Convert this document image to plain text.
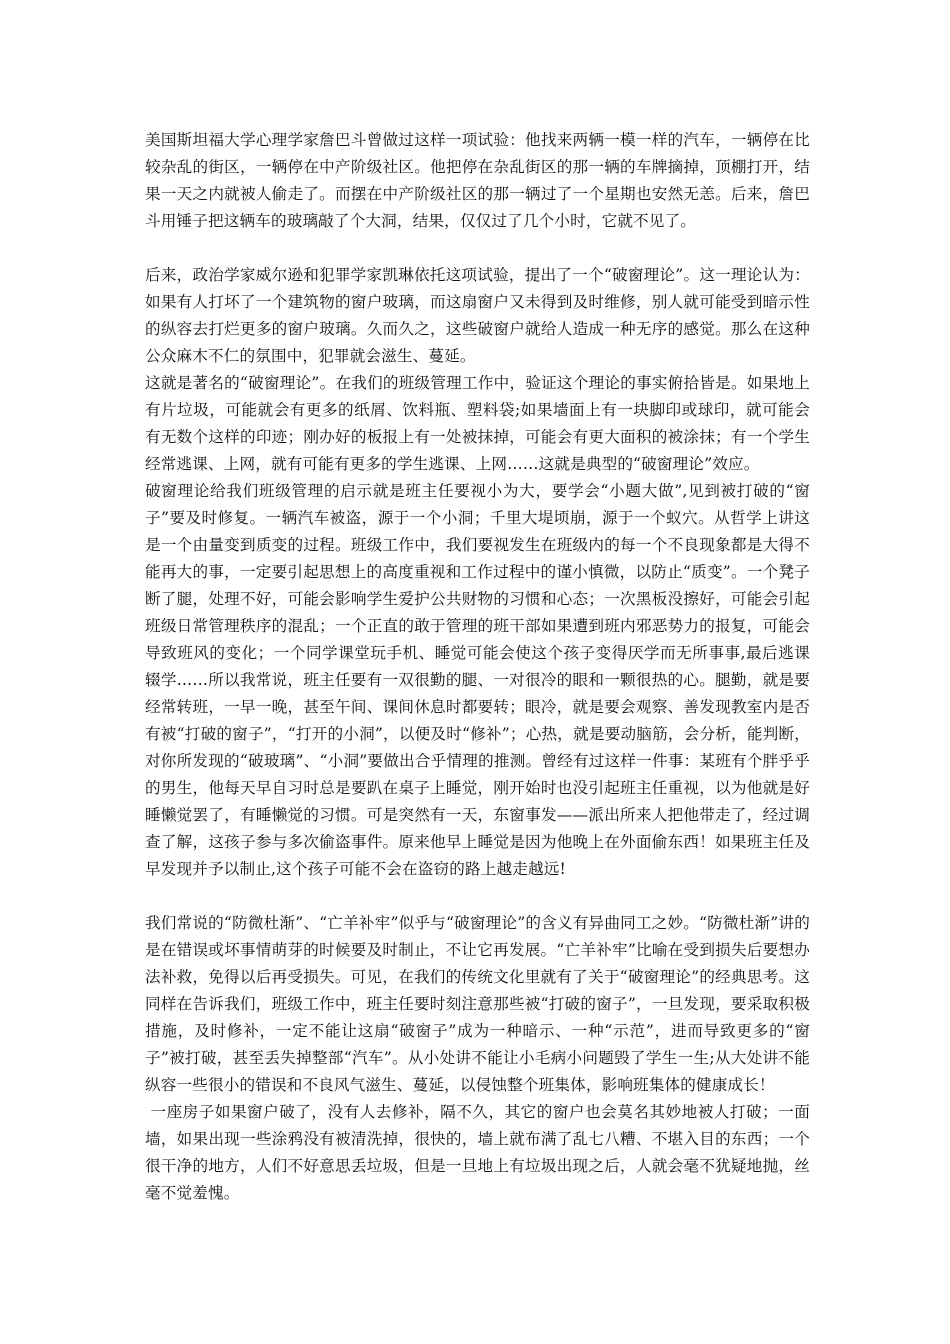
美国斯坦福大学心理学家詹巴斗曾做过这样一项试验：他找来两辆一模一样的汽车，一辆停在比较杂乱的街区，一辆停在中产阶级社区。他把停在杂乱街区的那一辆的车牌摘掉，顶棚打开，结果一天之内就被人偷走了。而摆在中产阶级社区的那一辆过了一个星期也安然无恙。后来，詹巴斗用锤子把这辆车的玻璃敲了个大洞，结果，仅仅过了几个小时，它就不见了。

后来，政治学家威尔逊和犯罪学家凯琳依托这项试验，提出了一个“破窗理论”。这一理论认为：如果有人打坏了一个建筑物的窗户玻璃，而这扇窗户又未得到及时维修，别人就可能受到暗示性的纵容去打烂更多的窗户玻璃。久而久之，这些破窗户就给人造成一种无序的感觉。那么在这种公众麻木不仁的氛围中，犯罪就会滋生、蔓延。

这就是著名的“破窗理论”。在我们的班级管理工作中，验证这个理论的事实俯拾皆是。如果地上有片垃圾，可能就会有更多的纸屑、饮料瓶、塑料袋;如果墙面上有一块脚印或球印，就可能会有无数个这样的印迹；刚办好的板报上有一处被抹掉，可能会有更大面积的被涂抹；有一个学生经常逃课、上网，就有可能有更多的学生逃课、上网……这就是典型的“破窗理论”效应。

破窗理论给我们班级管理的启示就是班主任要视小为大，要学会“小题大做”,见到被打破的“窗子”要及时修复。一辆汽车被盗，源于一个小洞；千里大堤顷崩，源于一个蚁穴。从哲学上讲这是一个由量变到质变的过程。班级工作中，我们要视发生在班级内的每一个不良现象都是大得不能再大的事，一定要引起思想上的高度重视和工作过程中的谨小慎微，以防止“质变”。一个凳子断了腿，处理不好，可能会影响学生爱护公共财物的习惯和心态；一次黑板没擦好，可能会引起班级日常管理秩序的混乱；一个正直的敢于管理的班干部如果遭到班内邪恶势力的报复，可能会导致班风的变化；一个同学课堂玩手机、睡觉可能会使这个孩子变得厌学而无所事事,最后逃课辍学……所以我常说，班主任要有一双很勤的腿、一对很冷的眼和一颗很热的心。腿勤，就是要经常转班，一早一晚，甚至午间、课间休息时都要转；眼冷，就是要会观察、善发现教室内是否有被“打破的窗子”，“打开的小洞”，以便及时“修补”；心热，就是要动脑筋，会分析，能判断，对你所发现的“破玻璃”、“小洞”要做出合乎情理的推测。曾经有过这样一件事：某班有个胖乎乎的男生，他每天早自习时总是要趴在桌子上睡觉，刚开始时也没引起班主任重视，以为他就是好睡懒觉罢了，有睡懒觉的习惯。可是突然有一天，东窗事发——派出所来人把他带走了，经过调查了解，这孩子参与多次偷盗事件。原来他早上睡觉是因为他晚上在外面偷东西！如果班主任及早发现并予以制止,这个孩子可能不会在盗窃的路上越走越远!

我们常说的“防微杜渐”、“亡羊补牢”似乎与“破窗理论”的含义有异曲同工之妙。“防微杜渐”讲的是在错误或坏事情萌芽的时候要及时制止，不让它再发展。“亡羊补牢”比喻在受到损失后要想办法补救，免得以后再受损失。可见，在我们的传统文化里就有了关于“破窗理论”的经典思考。这同样在告诉我们，班级工作中，班主任要时刻注意那些被“打破的窗子”，一旦发现，要采取积极措施，及时修补，一定不能让这扇“破窗子”成为一种暗示、一种“示范”，进而导致更多的“窗子”被打破，甚至丢失掉整部“汽车”。从小处讲不能让小毛病小问题毁了学生一生;从大处讲不能纵容一些很小的错误和不良风气滋生、蔓延，以侵蚀整个班集体，影响班集体的健康成长！

一座房子如果窗户破了，没有人去修补，隔不久，其它的窗户也会莫名其妙地被人打破；一面墙，如果出现一些涂鸦没有被清洗掉，很快的，墙上就布满了乱七八糟、不堪入目的东西；一个很干净的地方，人们不好意思丢垃圾，但是一旦地上有垃圾出现之后，人就会毫不犹疑地抛，丝毫不觉羞愧。
